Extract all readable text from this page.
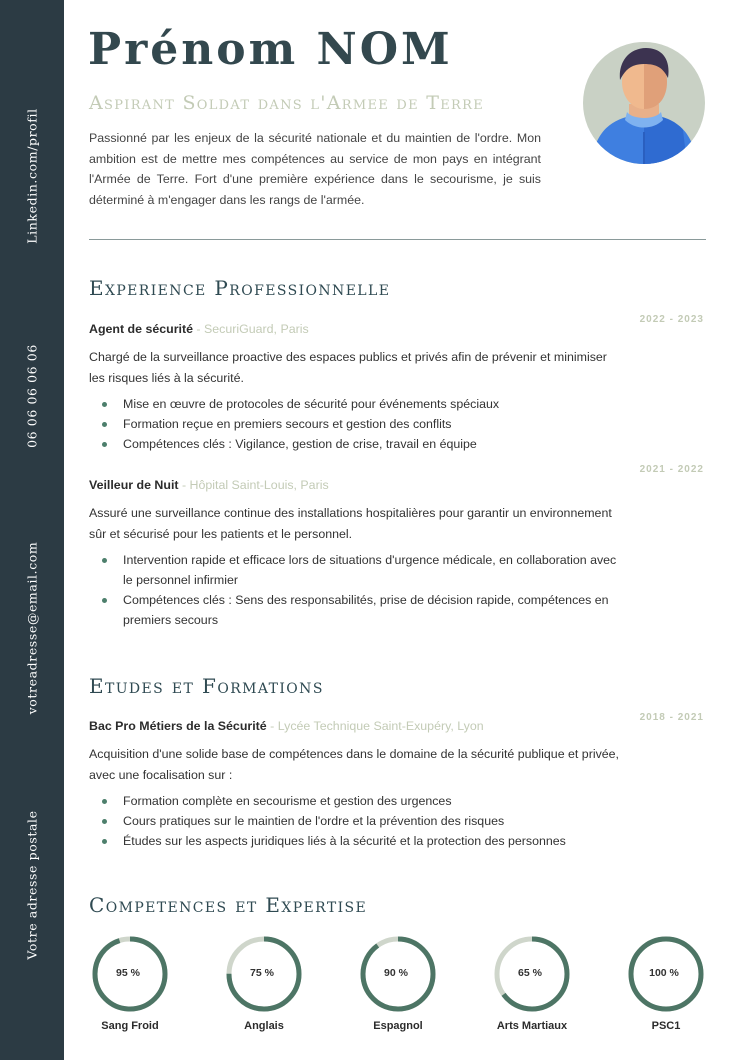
Linkedin.com/profil
06 06 06 06 06
votreadresse@email.com
Votre adresse postale
Prénom NOM
Aspirant Soldat dans l'Armee de Terre
Passionné par les enjeux de la sécurité nationale et du maintien de l'ordre. Mon ambition est de mettre mes compétences au service de mon pays en intégrant l'Armée de Terre. Fort d'une première expérience dans le secourisme, je suis déterminé à m'engager dans les rangs de l'armée.
Experience Professionnelle
2022 - 2023
Agent de sécurité - SecuriGuard, Paris
Chargé de la surveillance proactive des espaces publics et privés afin de prévenir et minimiser les risques liés à la sécurité.
Mise en œuvre de protocoles de sécurité pour événements spéciaux
Formation reçue en premiers secours et gestion des conflits
Compétences clés : Vigilance, gestion de crise, travail en équipe
2021 - 2022
Veilleur de Nuit - Hôpital Saint-Louis, Paris
Assuré une surveillance continue des installations hospitalières pour garantir un environnement sûr et sécurisé pour les patients et le personnel.
Intervention rapide et efficace lors de situations d'urgence médicale, en collaboration avec le personnel infirmier
Compétences clés : Sens des responsabilités, prise de décision rapide, compétences en premiers secours
Etudes et Formations
2018 - 2021
Bac Pro Métiers de la Sécurité - Lycée Technique Saint-Exupéry, Lyon
Acquisition d'une solide base de compétences dans le domaine de la sécurité publique et privée, avec une focalisation sur :
Formation complète en secourisme et gestion des urgences
Cours pratiques sur le maintien de l'ordre et la prévention des risques
Études sur les aspects juridiques liés à la sécurité et la protection des personnes
Competences et Expertise
95 %
Sang Froid
75 %
Anglais
90 %
Espagnol
65 %
Arts Martiaux
100 %
PSC1
